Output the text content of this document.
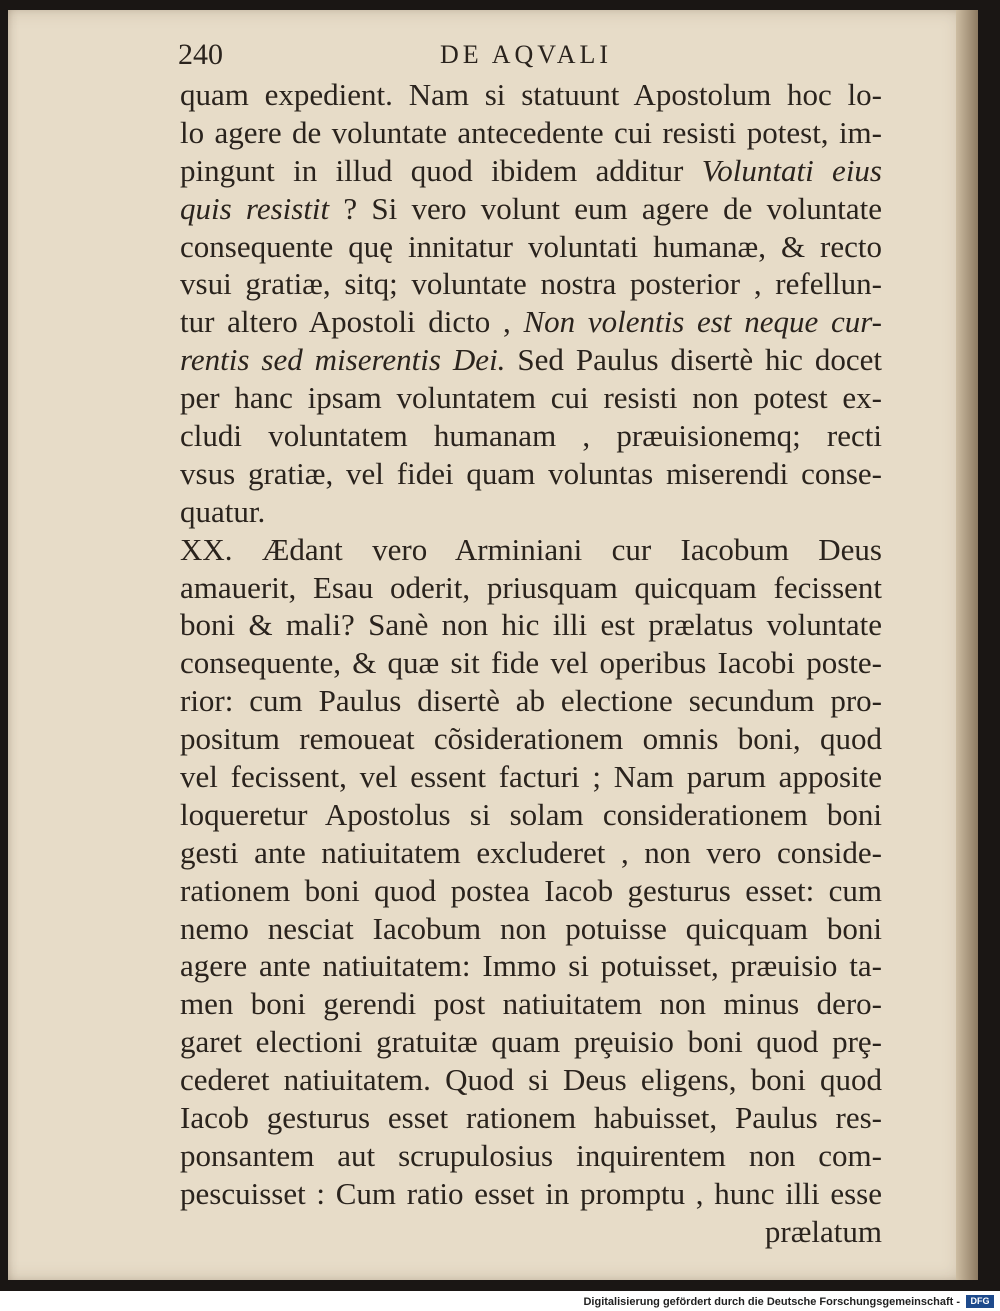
240	DE AQVALI
quam expedient. Nam si statuunt Apostolum hoc lo-
lo agere de voluntate antecedente cui resisti potest, im-
pingunt in illud quod ibidem additur Voluntati eius
quis resistit ? Si vero volunt eum agere de voluntate
consequente quę innitatur voluntati humanæ, & recto
vsui gratiæ, sitq; voluntate nostra posterior , refellun-
tur altero Apostoli dicto , Non volentis est neque cur-
rentis sed miserentis Dei. Sed Paulus disertè hic docet
per hanc ipsam voluntatem cui resisti non potest ex-
cludi voluntatem humanam , præuisionemq; recti
vsus gratiæ, vel fidei quam voluntas miserendi conse-
quatur.
XX. Ædant vero Arminiani cur Iacobum Deus
amauerit, Esau oderit, priusquam quicquam fecissent
boni & mali? Sanè non hic illi est prælatus voluntate
consequente, & quæ sit fide vel operibus Iacobi poste-
rior: cum Paulus disertè ab electione secundum pro-
positum remoueat cõsiderationem omnis boni, quod
vel fecissent, vel essent facturi ; Nam parum apposite
loqueretur Apostolus si solam considerationem boni
gesti ante natiuitatem excluderet , non vero conside-
rationem boni quod postea Iacob gesturus esset: cum
nemo nesciat Iacobum non potuisse quicquam boni
agere ante natiuitatem: Immo si potuisset, præuisio ta-
men boni gerendi post natiuitatem non minus dero-
garet electioni gratuitæ quam prȩuisio boni quod prȩ-
cederet natiuitatem. Quod si Deus eligens, boni quod
Iacob gesturus esset rationem habuisset, Paulus res-
ponsantem aut scrupulosius inquirentem non com-
pescuisset : Cum ratio esset in promptu , hunc illi esse
prælatum
Digitalisierung gefördert durch die Deutsche Forschungsgemeinschaft -	DFG
